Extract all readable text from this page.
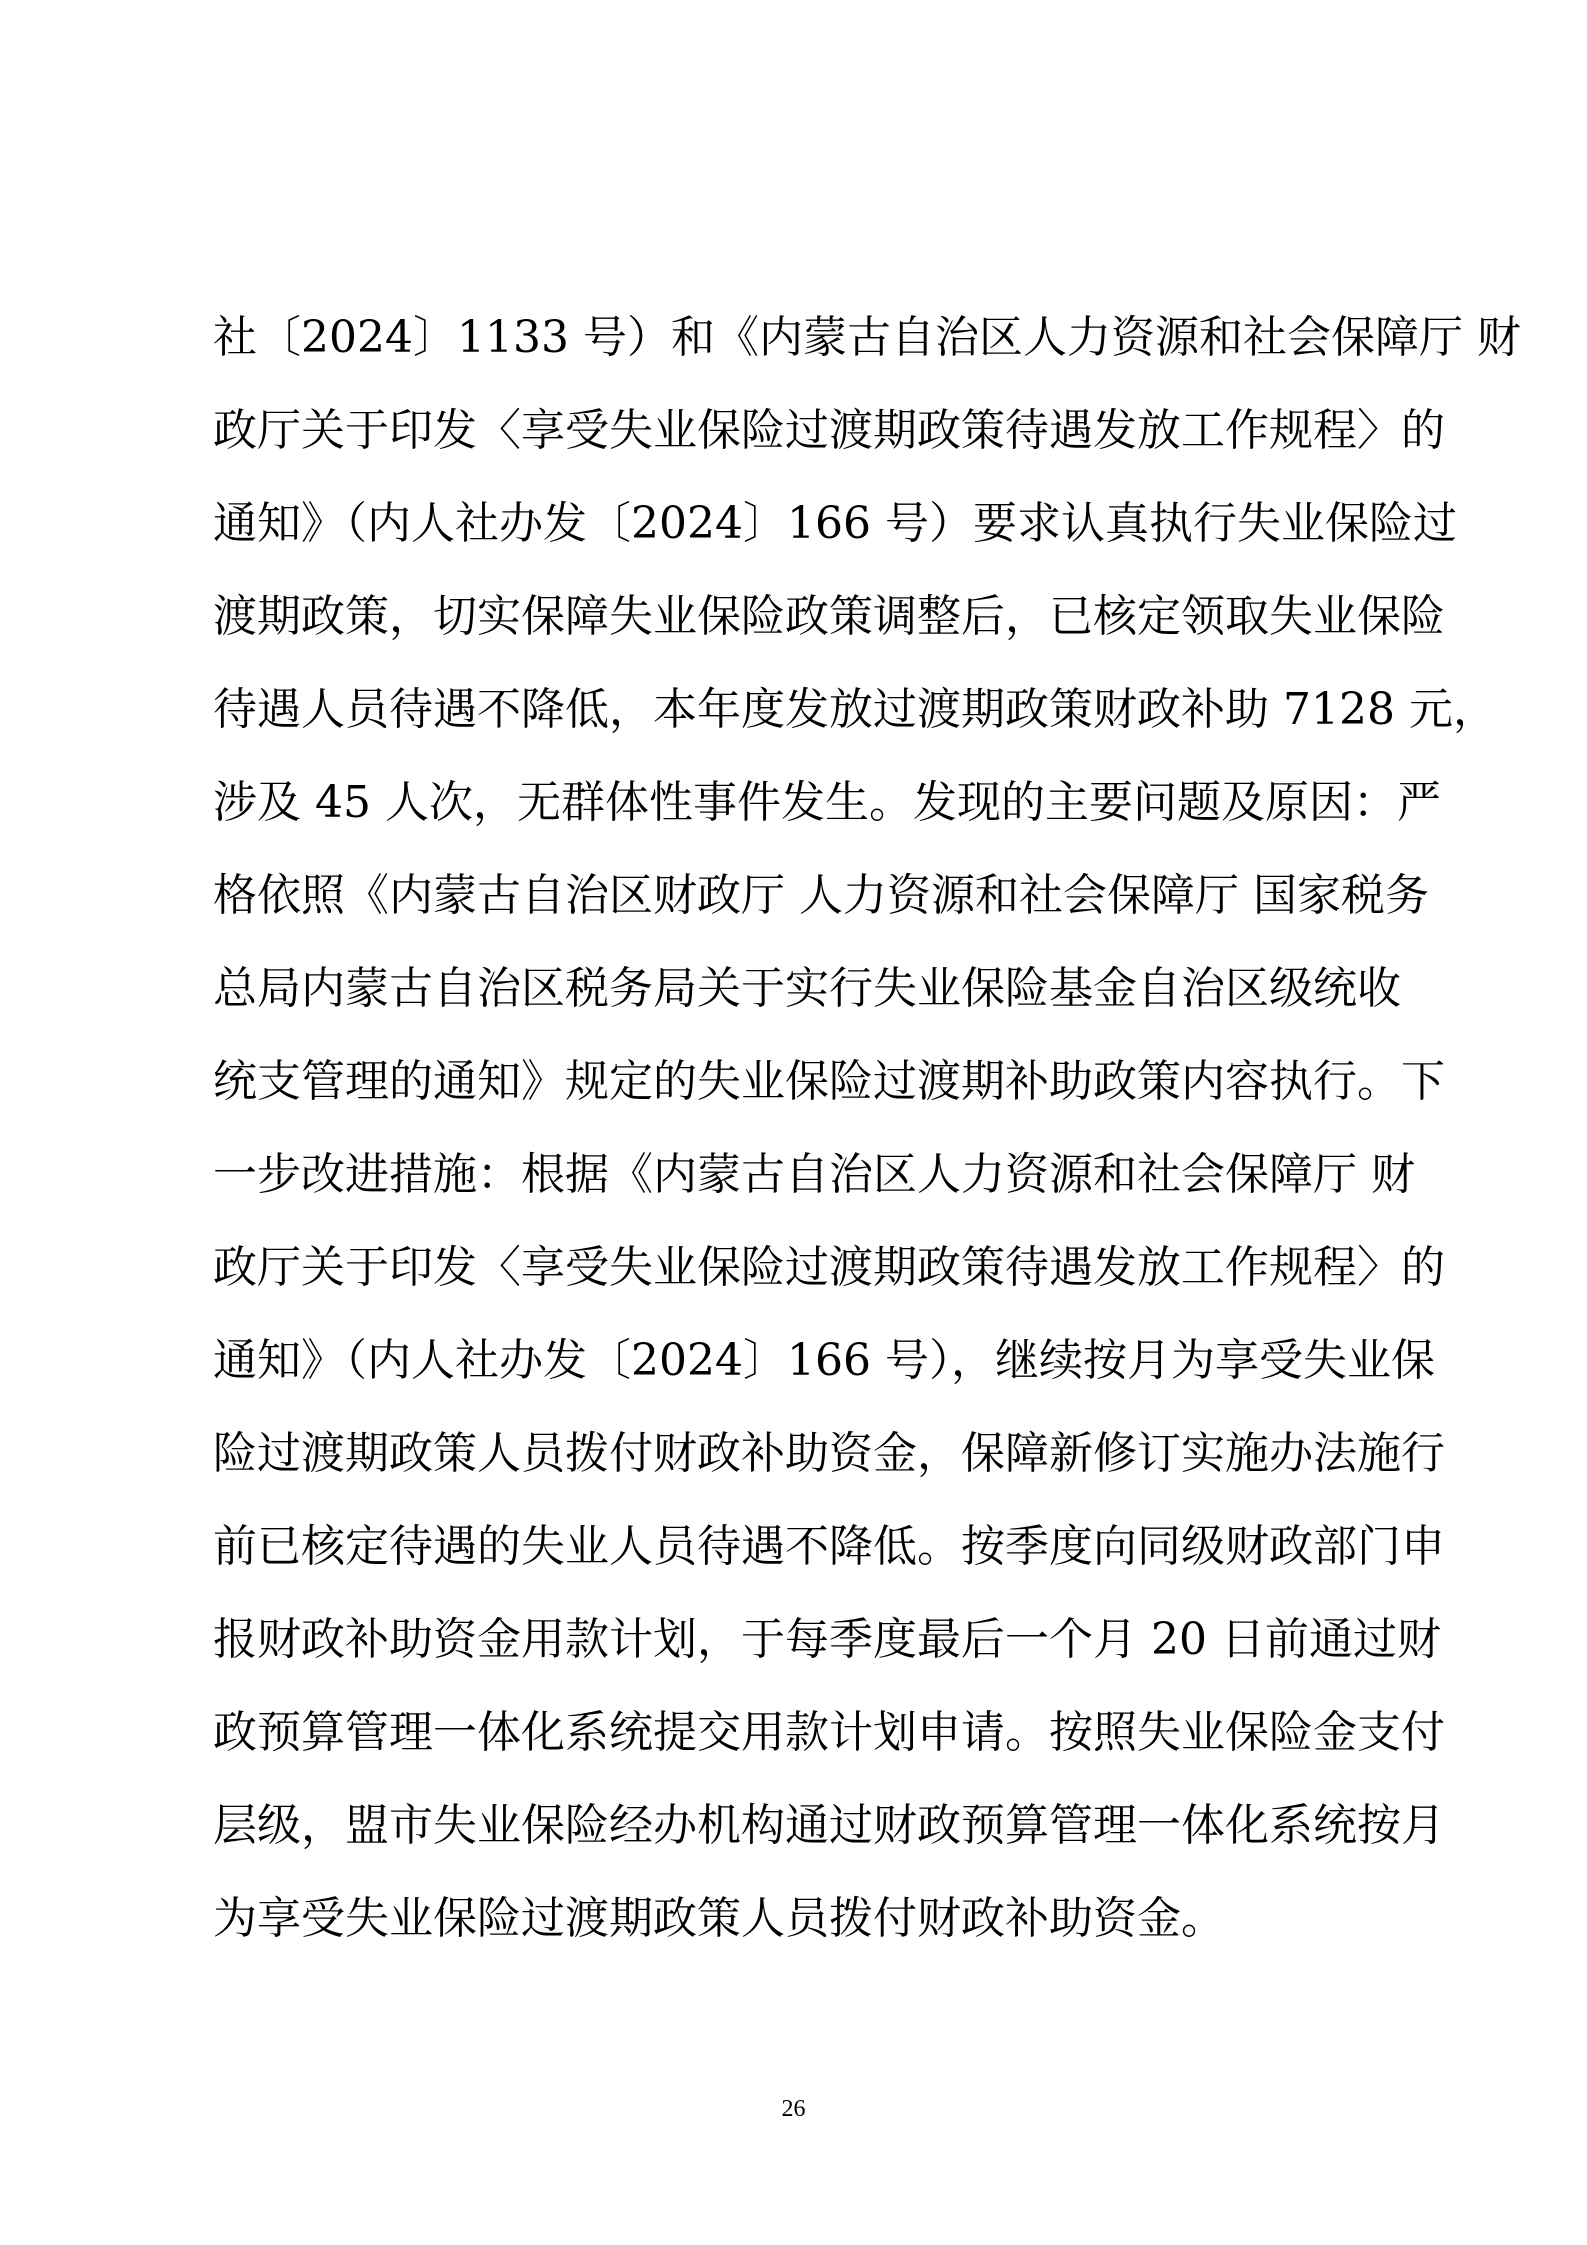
社〔2024〕1133 号）和《内蒙古自治区人力资源和社会保障厅 财
政厅关于印发〈享受失业保险过渡期政策待遇发放工作规程〉的
通知》（内人社办发〔2024〕166 号）要求认真执行失业保险过
渡期政策，切实保障失业保险政策调整后，已核定领取失业保险
待遇人员待遇不降低，本年度发放过渡期政策财政补助 7128 元，
涉及 45 人次，无群体性事件发生。发现的主要问题及原因：严
格依照《内蒙古自治区财政厅 人力资源和社会保障厅 国家税务
总局内蒙古自治区税务局关于实行失业保险基金自治区级统收
统支管理的通知》规定的失业保险过渡期补助政策内容执行。下
一步改进措施：根据《内蒙古自治区人力资源和社会保障厅 财
政厅关于印发〈享受失业保险过渡期政策待遇发放工作规程〉的
通知》（内人社办发〔2024〕166 号），继续按月为享受失业保
险过渡期政策人员拨付财政补助资金，保障新修订实施办法施行
前已核定待遇的失业人员待遇不降低。按季度向同级财政部门申
报财政补助资金用款计划，于每季度最后一个月 20 日前通过财
政预算管理一体化系统提交用款计划申请。按照失业保险金支付
层级，盟市失业保险经办机构通过财政预算管理一体化系统按月
为享受失业保险过渡期政策人员拨付财政补助资金。
26
